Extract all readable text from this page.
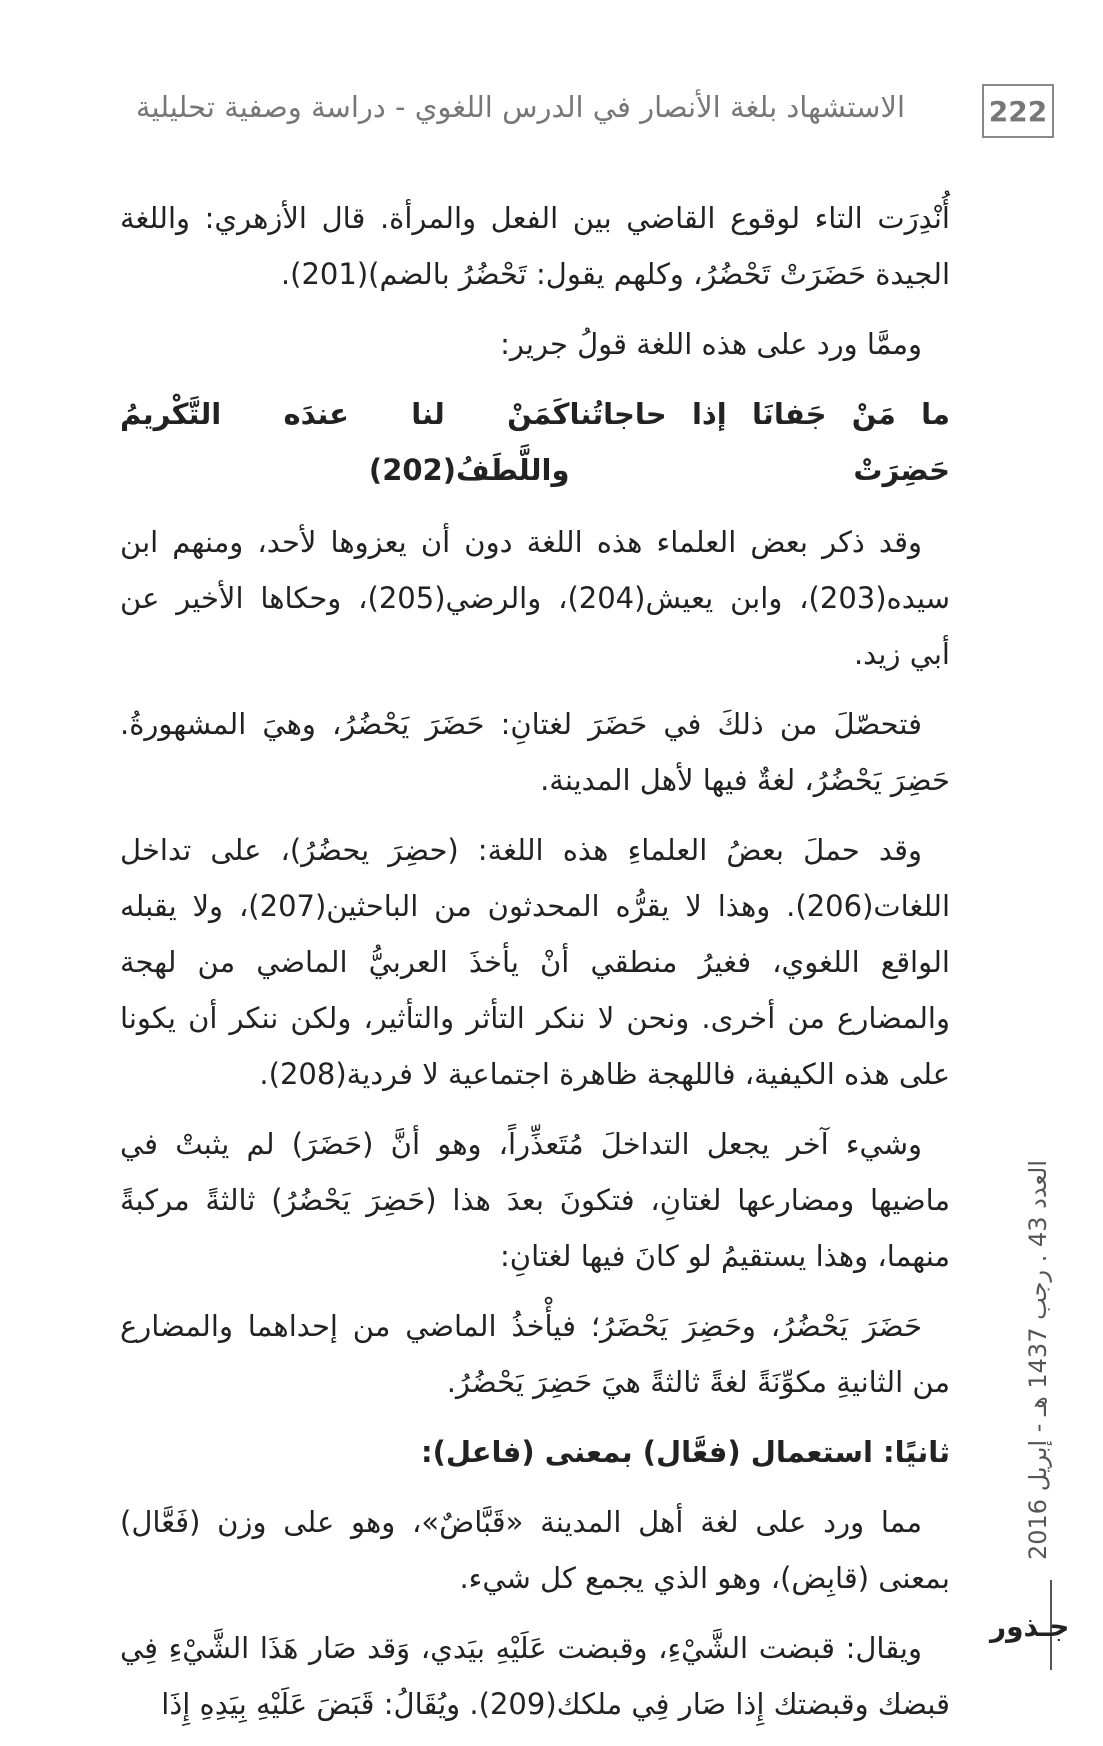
222
الاستشهاد بلغة الأنصار في الدرس اللغوي - دراسة وصفية تحليلية

أُنْدِرَت التاء لوقوع القاضي بين الفعل والمرأة. قال الأزهري: واللغة الجيدة حَضَرَتْ تَحْضُرُ، وكلهم يقول: تَحْضُرُ بالضم)(201).

وممَّا ورد على هذه اللغة قولُ جرير:

ما مَنْ جَفانَا إذا حاجاتُنا حَضِرَتْ
كَمَنْ لنا عندَه التَّكْريمُ واللَّطَفُ(202)

وقد ذكر بعض العلماء هذه اللغة دون أن يعزوها لأحد، ومنهم ابن سيده(203)، وابن يعيش(204)، والرضي(205)، وحكاها الأخير عن أبي زيد.

فتحصّلَ من ذلكَ في حَضَرَ لغتانِ: حَضَرَ يَحْضُرُ، وهيَ المشهورةُ. حَضِرَ يَحْضُرُ، لغةٌ فيها لأهل المدينة.

وقد حملَ بعضُ العلماءِ هذه اللغة: (حضِرَ يحضُرُ)، على تداخل اللغات(206). وهذا لا يقرُّه المحدثون من الباحثين(207)، ولا يقبله الواقع اللغوي، فغيرُ منطقي أنْ يأخذَ العربيُّ الماضي من لهجة والمضارع من أخرى. ونحن لا ننكر التأثر والتأثير، ولكن ننكر أن يكونا على هذه الكيفية، فاللهجة ظاهرة اجتماعية لا فردية(208).

وشيء آخر يجعل التداخلَ مُتَعذِّراً، وهو أنَّ (حَضَرَ) لم يثبتْ في ماضيها ومضارعها لغتانِ، فتكونَ بعدَ هذا (حَضِرَ يَحْضُرُ) ثالثةً مركبةً منهما، وهذا يستقيمُ لو كانَ فيها لغتانِ:

حَضَرَ يَحْضُرُ، وحَضِرَ يَحْضَرُ؛ فيأْخذُ الماضي من إحداهما والمضارع من الثانيةِ مكوِّنَةً لغةً ثالثةً هيَ حَضِرَ يَحْضُرُ.

ثانيًا: استعمال (فعَّال) بمعنى (فاعل):

مما ورد على لغة أهل المدينة «قَبَّاضٌ»، وهو على وزن (فَعَّال) بمعنى (قابِض)، وهو الذي يجمع كل شيء.

ويقال: قبضت الشَّيْءِ، وقبضت عَلَيْهِ بيَدي، وَقد صَار هَذَا الشَّيْءِ فِي قبضك وقبضتك إِذا صَار فِي ملكك(209). ويُقَالُ: قَبَضَ عَلَيْهِ بِيَدِهِ إِذَا

العدد 43 . رجب 1437 هـ - إبريل 2016
جـذور
